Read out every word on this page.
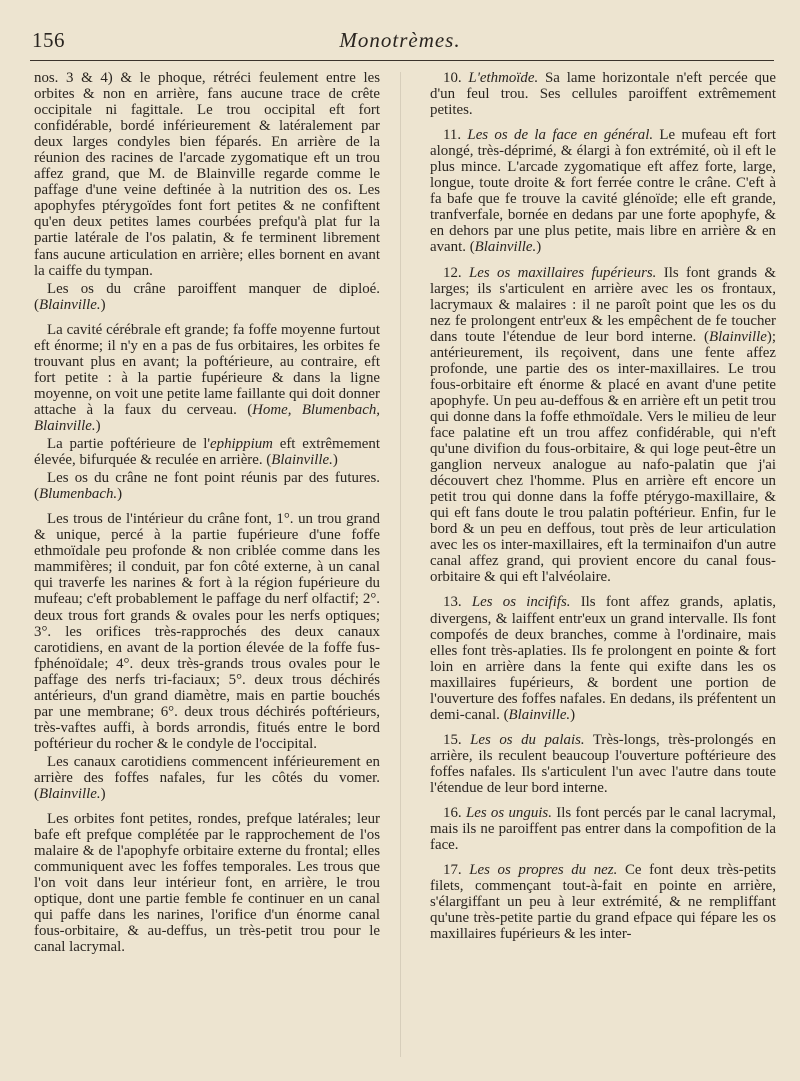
156	Monotrèmes.

nos. 3 & 4) & le phoque, rétréci feulement entre les orbites & non en arrière, fans aucune trace de crête occipitale ni fagittale. Le trou occipital eft fort confidérable, bordé inférieurement & latéralement par deux larges condyles bien féparés. En arrière de la réunion des racines de l'arcade zygomatique eft un trou affez grand, que M. de Blainville regarde comme le paffage d'une veine deftinée à la nutrition des os. Les apophyfes ptérygoïdes font fort petites & ne confiftent qu'en deux petites lames courbées prefqu'à plat fur la partie latérale de l'os palatin, & fe terminent librement fans aucune articulation en arrière; elles bornent en avant la caiffe du tympan.

Les os du crâne paroiffent manquer de diploé. (Blainville.)

La cavité cérébrale eft grande; fa foffe moyenne furtout eft énorme; il n'y en a pas de fus orbitaires, les orbites fe trouvant plus en avant; la poftérieure, au contraire, eft fort petite : à la partie fupérieure & dans la ligne moyenne, on voit une petite lame faillante qui doit donner attache à la faux du cerveau. (Home, Blumenbach, Blainville.)

La partie poftérieure de l'ephippium eft extrêmement élevée, bifurquée & reculée en arrière. (Blainville.)

Les os du crâne ne font point réunis par des futures. (Blumenbach.)

Les trous de l'intérieur du crâne font, 1°. un trou grand & unique, percé à la partie fupérieure d'une foffe ethmoïdale peu profonde & non criblée comme dans les mammifères; il conduit, par fon côté externe, à un canal qui traverfe les narines & fort à la région fupérieure du mufeau; c'eft probablement le paffage du nerf olfactif; 2°. deux trous fort grands & ovales pour les nerfs optiques; 3°. les orifices très-rapprochés des deux canaux carotidiens, en avant de la portion élevée de la foffe fus-fphénoïdale; 4°. deux très-grands trous ovales pour le paffage des nerfs tri-faciaux; 5°. deux trous déchirés antérieurs, d'un grand diamètre, mais en partie bouchés par une membrane; 6°. deux trous déchirés poftérieurs, très-vaftes auffi, à bords arrondis, fitués entre le bord poftérieur du rocher & le condyle de l'occipital.

Les canaux carotidiens commencent inférieurement en arrière des foffes nafales, fur les côtés du vomer. (Blainville.)

Les orbites font petites, rondes, prefque latérales; leur bafe eft prefque complétée par le rapprochement de l'os malaire & de l'apophyfe orbitaire externe du frontal; elles communiquent avec les foffes temporales. Les trous que l'on voit dans leur intérieur font, en arrière, le trou optique, dont une partie femble fe continuer en un canal qui paffe dans les narines, l'orifice d'un énorme canal fous-orbitaire, & au-deffus, un très-petit trou pour le canal lacrymal.

10. L'ethmoïde. Sa lame horizontale n'eft percée que d'un feul trou. Ses cellules paroiffent extrêmement petites.

11. Les os de la face en général. Le mufeau eft fort alongé, très-déprimé, & élargi à fon extrémité, où il eft le plus mince. L'arcade zygomatique eft affez forte, large, longue, toute droite & fort ferrée contre le crâne. C'eft à fa bafe que fe trouve la cavité glénoïde; elle eft grande, tranfverfale, bornée en dedans par une forte apophyfe, & en dehors par une plus petite, mais libre en arrière & en avant. (Blainville.)

12. Les os maxillaires fupérieurs. Ils font grands & larges; ils s'articulent en arrière avec les os frontaux, lacrymaux & malaires : il ne paroît point que les os du nez fe prolongent entr'eux & les empêchent de fe toucher dans toute l'étendue de leur bord interne. (Blainville); antérieurement, ils reçoivent, dans une fente affez profonde, une partie des os inter-maxillaires. Le trou fous-orbitaire eft énorme & placé en avant d'une petite apophyfe. Un peu au-deffous & en arrière eft un petit trou qui donne dans la foffe ethmoïdale. Vers le milieu de leur face palatine eft un trou affez confidérable, qui n'eft qu'une divifion du fous-orbitaire, & qui loge peut-être un ganglion nerveux analogue au nafo-palatin que j'ai découvert chez l'homme. Plus en arrière eft encore un petit trou qui donne dans la foffe ptérygo-maxillaire, & qui eft fans doute le trou palatin poftérieur. Enfin, fur le bord & un peu en deffous, tout près de leur articulation avec les os inter-maxillaires, eft la terminaifon d'un autre canal affez grand, qui provient encore du canal fous-orbitaire & qui eft l'alvéolaire.

13. Les os incififs. Ils font affez grands, aplatis, divergens, & laiffent entr'eux un grand intervalle. Ils font compofés de deux branches, comme à l'ordinaire, mais elles font très-aplaties. Ils fe prolongent en pointe & fort loin en arrière dans la fente qui exifte dans les os maxillaires fupérieurs, & bordent une portion de l'ouverture des foffes nafales. En dedans, ils préfentent un demi-canal. (Blainville.)

15. Les os du palais. Très-longs, très-prolongés en arrière, ils reculent beaucoup l'ouverture poftérieure des foffes nafales. Ils s'articulent l'un avec l'autre dans toute l'étendue de leur bord interne.

16. Les os unguis. Ils font percés par le canal lacrymal, mais ils ne paroiffent pas entrer dans la compofition de la face.

17. Les os propres du nez. Ce font deux très-petits filets, commençant tout-à-fait en pointe en arrière, s'élargiffant un peu à leur extrémité, & ne rempliffant qu'une très-petite partie du grand efpace qui fépare les os maxillaires fupérieurs & les inter-
